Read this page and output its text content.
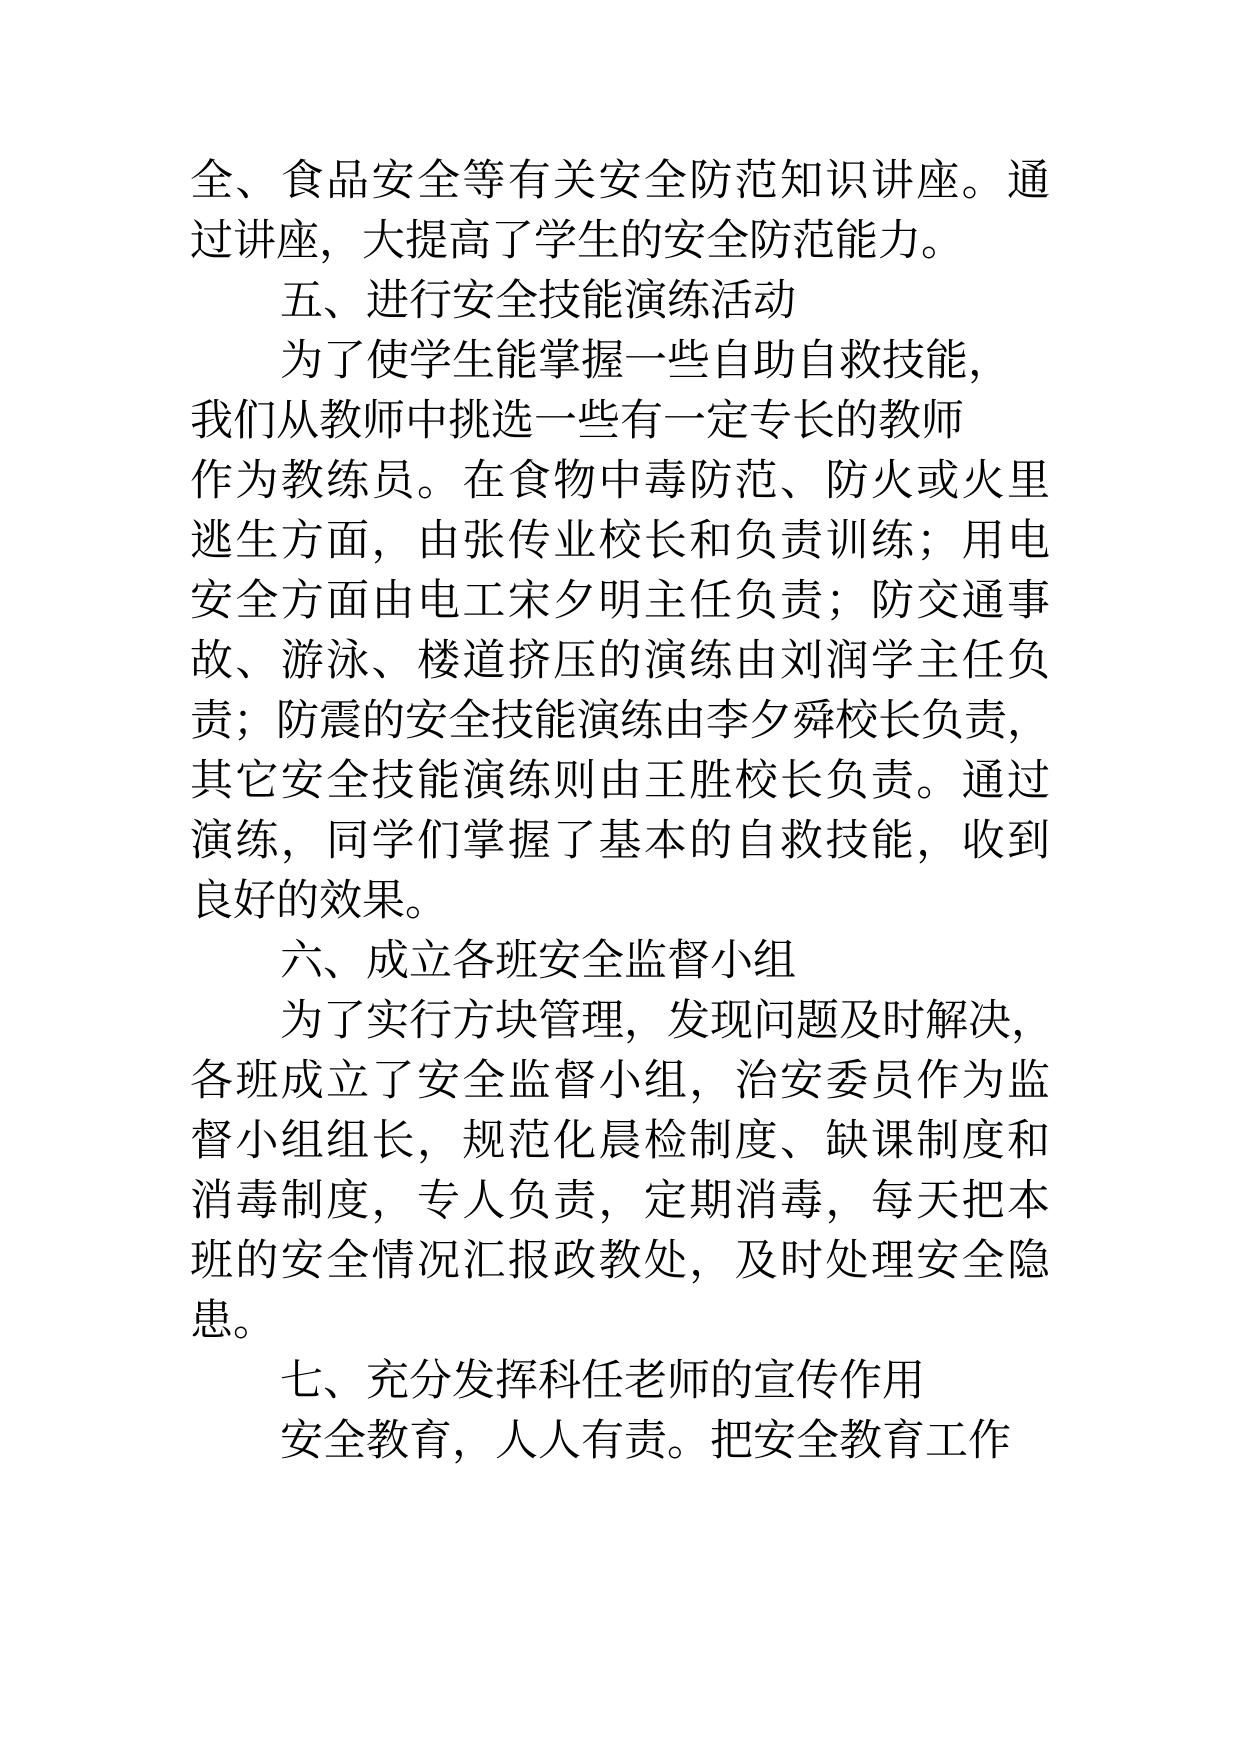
全、食品安全等有关安全防范知识讲座。通
过讲座，大提高了学生的安全防范能力。
五、进行安全技能演练活动
为了使学生能掌握一些自助自救技能，
我们从教师中挑选一些有一定专长的教师
作为教练员。在食物中毒防范、防火或火里
逃生方面，由张传业校长和负责训练；用电
安全方面由电工宋夕明主任负责；防交通事
故、游泳、楼道挤压的演练由刘润学主任负
责；防震的安全技能演练由李夕舜校长负责，
其它安全技能演练则由王胜校长负责。通过
演练，同学们掌握了基本的自救技能，收到
良好的效果。
六、成立各班安全监督小组
为了实行方块管理，发现问题及时解决，
各班成立了安全监督小组，治安委员作为监
督小组组长，规范化晨检制度、缺课制度和
消毒制度，专人负责，定期消毒，每天把本
班的安全情况汇报政教处，及时处理安全隐
患。
七、充分发挥科任老师的宣传作用
安全教育，人人有责。把安全教育工作
